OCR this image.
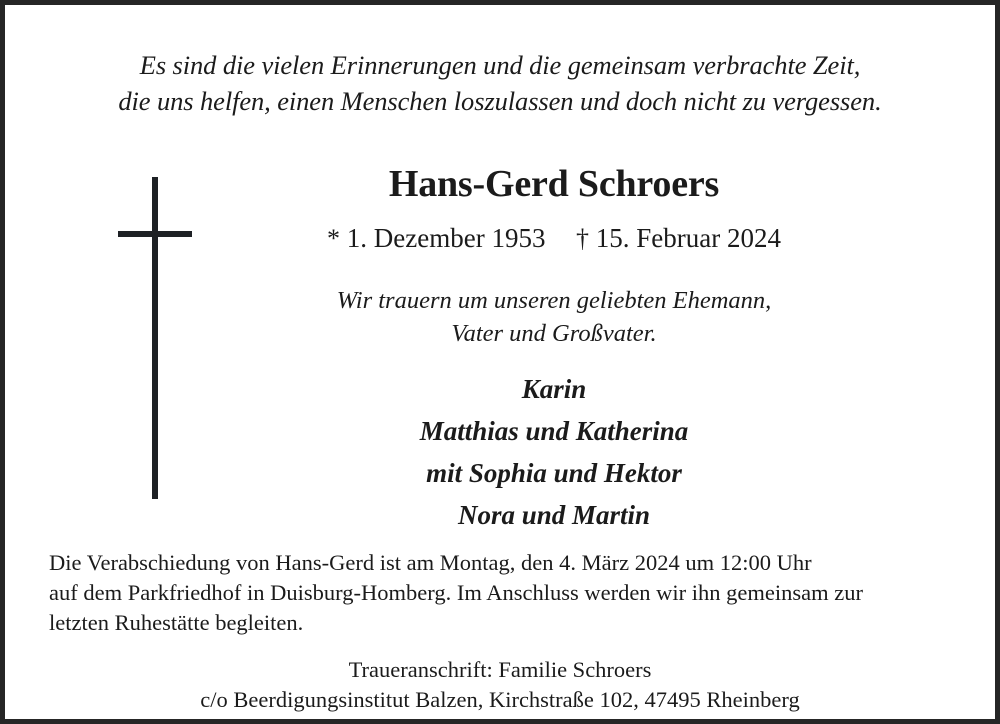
Es sind die vielen Erinnerungen und die gemeinsam verbrachte Zeit,
die uns helfen, einen Menschen loszulassen und doch nicht zu vergessen.
Hans-Gerd Schroers
* 1. Dezember 1953 † 15. Februar 2024
Wir trauern um unseren geliebten Ehemann,
Vater und Großvater.
Karin
Matthias und Katherina
mit Sophia und Hektor
Nora und Martin
Die Verabschiedung von Hans-Gerd ist am Montag, den 4. März 2024 um 12:00 Uhr
auf dem Parkfriedhof in Duisburg-Homberg. Im Anschluss werden wir ihn gemeinsam zur
letzten Ruhestätte begleiten.
Traueranschrift: Familie Schroers
c/o Beerdigungsinstitut Balzen, Kirchstraße 102, 47495 Rheinberg
